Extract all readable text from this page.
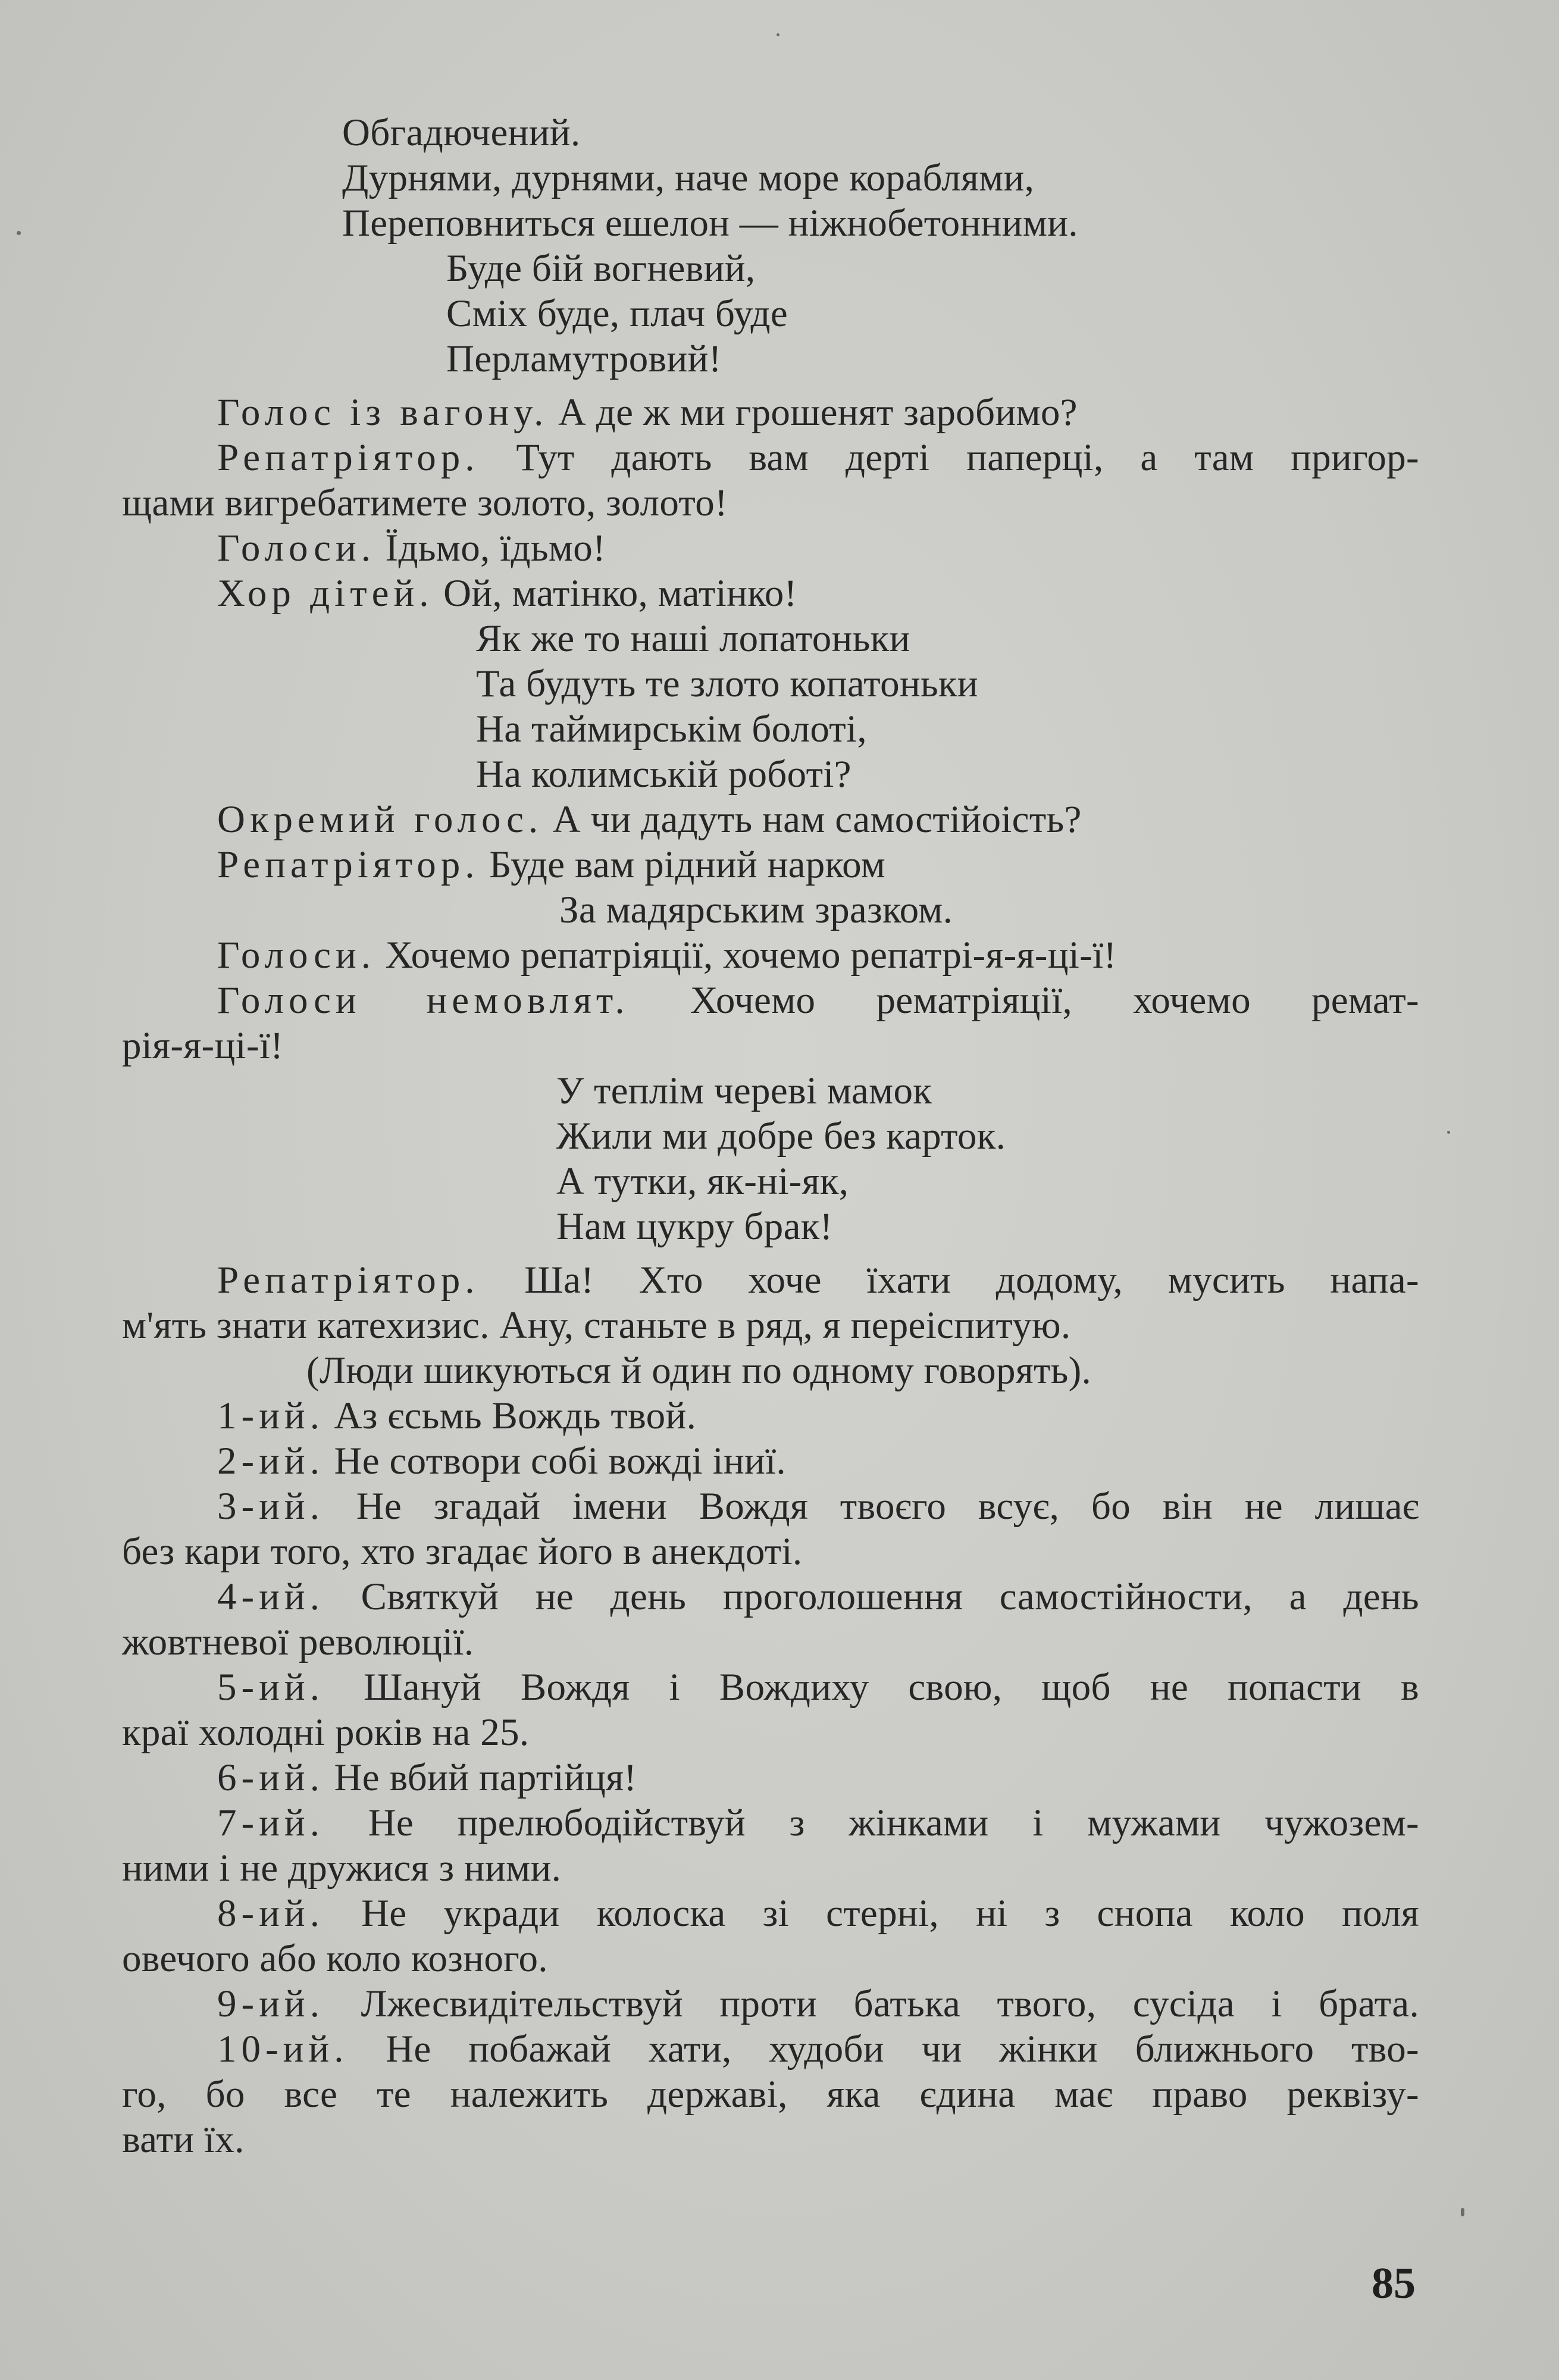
Обгадючений.
Дурнями, дурнями, наче море кораблями,
Переповниться ешелон — ніжнобетонними.
Буде бій вогневий,
Сміх буде, плач буде
Перламутровий!
Голос із вагону. А де ж ми грошенят заробимо?
Репатріятор. Тут дають вам дерті паперці, а там пригор-
щами вигребатимете золото, золото!
Голоси. Їдьмо, їдьмо!
Хор дітей. Ой, матінко, матінко!
Як же то наші лопатоньки
Та будуть те злото копатоньки
На таймирськім болоті,
На колимській роботі?
Окремий голос. А чи дадуть нам самостійоість?
Репатріятор. Буде вам рідний нарком
За мадярським зразком.
Голоси. Хочемо репатріяції, хочемо репатрі-я-я-ці-ї!
Голоси немовлят. Хочемо рематріяції, хочемо ремат-
рія-я-ці-ї!
У теплім череві мамок
Жили ми добре без карток.
А тутки, як-ні-як,
Нам цукру брак!
Репатріятор. Ша! Хто хоче їхати додому, мусить напа-
м'ять знати катехизис. Ану, станьте в ряд, я переіспитую.
(Люди шикуються й один по одному говорять).
1-ий. Аз єсьмь Вождь твой.
2-ий. Не сотвори собі вожді іниї.
3-ий. Не згадай імени Вождя твоєго всує, бо він не лишає
без кари того, хто згадає його в анекдоті.
4-ий. Святкуй не день проголошення самостійности, а день
жовтневої революції.
5-ий. Шануй Вождя і Вождиху свою, щоб не попасти в
краї холодні років на 25.
6-ий. Не вбий партійця!
7-ий. Не прелюбодійствуй з жінками і мужами чужозем-
ними і не дружися з ними.
8-ий. Не укради колоска зі стерні, ні з снопа коло поля
овечого або коло козного.
9-ий. Лжесвидітельствуй проти батька твого, сусіда і брата.
10-ий. Не побажай хати, худоби чи жінки ближнього тво-
го, бо все те належить державі, яка єдина має право реквізу-
вати їх.
85
